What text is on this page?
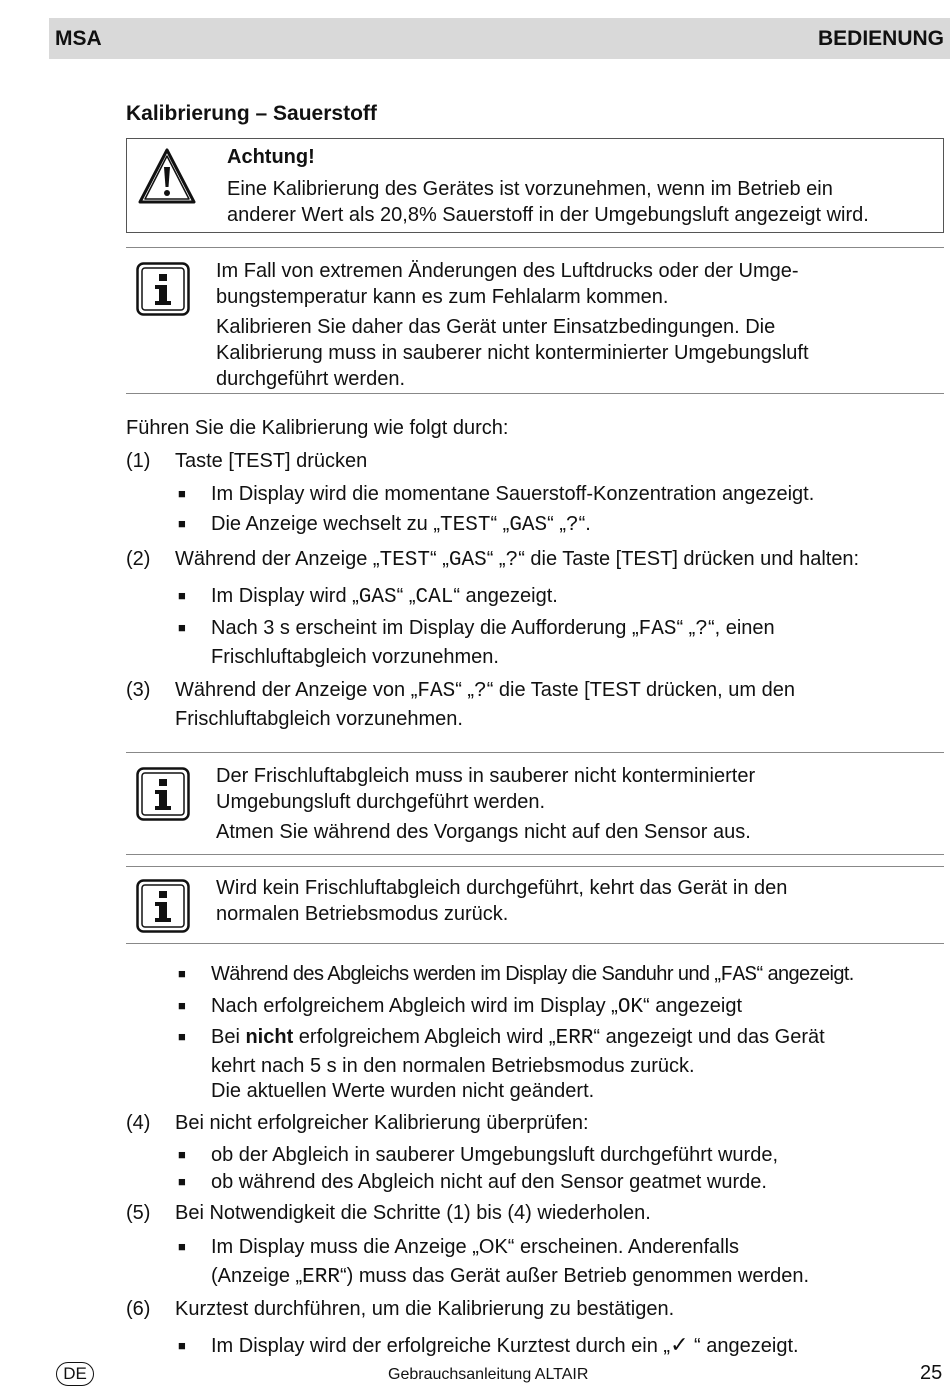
MSA	BEDIENUNG
Kalibrierung – Sauerstoff
Achtung!
Eine Kalibrierung des Gerätes ist vorzunehmen, wenn im Betrieb ein
anderer Wert als 20,8% Sauerstoff in der Umgebungsluft angezeigt wird.
Im Fall von extremen Änderungen des Luftdrucks oder der Umge-
bungstemperatur kann es zum Fehlalarm kommen.
Kalibrieren Sie daher das Gerät unter Einsatzbedingungen. Die
Kalibrierung muss in sauberer nicht konterminierter Umgebungsluft
durchgeführt werden.
Führen Sie die Kalibrierung wie folgt durch:
(1) Taste [TEST] drücken
■ Im Display wird die momentane Sauerstoff-Konzentration angezeigt.
■ Die Anzeige wechselt zu „TEST“ „GAS“ „?“.
(2) Während der Anzeige „TEST“ „GAS“ „?“ die Taste [TEST] drücken und halten:
■ Im Display wird „GAS“ „CAL“ angezeigt.
■ Nach 3 s erscheint im Display die Aufforderung „FAS“ „?“, einen
Frischluftabgleich vorzunehmen.
(3) Während der Anzeige von „FAS“ „?“ die Taste [TEST drücken, um den
Frischluftabgleich vorzunehmen.
Der Frischluftabgleich muss in sauberer nicht konterminierter
Umgebungsluft durchgeführt werden.
Atmen Sie während des Vorgangs nicht auf den Sensor aus.
Wird kein Frischluftabgleich durchgeführt, kehrt das Gerät in den
normalen Betriebsmodus zurück.
■ Während des Abgleichs werden im Display die Sanduhr und „FAS“ angezeigt.
■ Nach erfolgreichem Abgleich wird im Display „OK“ angezeigt
■ Bei nicht erfolgreichem Abgleich wird „ERR“ angezeigt und das Gerät
kehrt nach 5 s in den normalen Betriebsmodus zurück.
Die aktuellen Werte wurden nicht geändert.
(4) Bei nicht erfolgreicher Kalibrierung überprüfen:
■ ob der Abgleich in sauberer Umgebungsluft durchgeführt wurde,
■ ob während des Abgleich nicht auf den Sensor geatmet wurde.
(5) Bei Notwendigkeit die Schritte (1) bis (4) wiederholen.
■ Im Display muss die Anzeige „OK“ erscheinen. Anderenfalls
(Anzeige „ERR“) muss das Gerät außer Betrieb genommen werden.
(6) Kurztest durchführen, um die Kalibrierung zu bestätigen.
■ Im Display wird der erfolgreiche Kurztest durch ein „✓ “ angezeigt.
DE	Gebrauchsanleitung ALTAIR	25
